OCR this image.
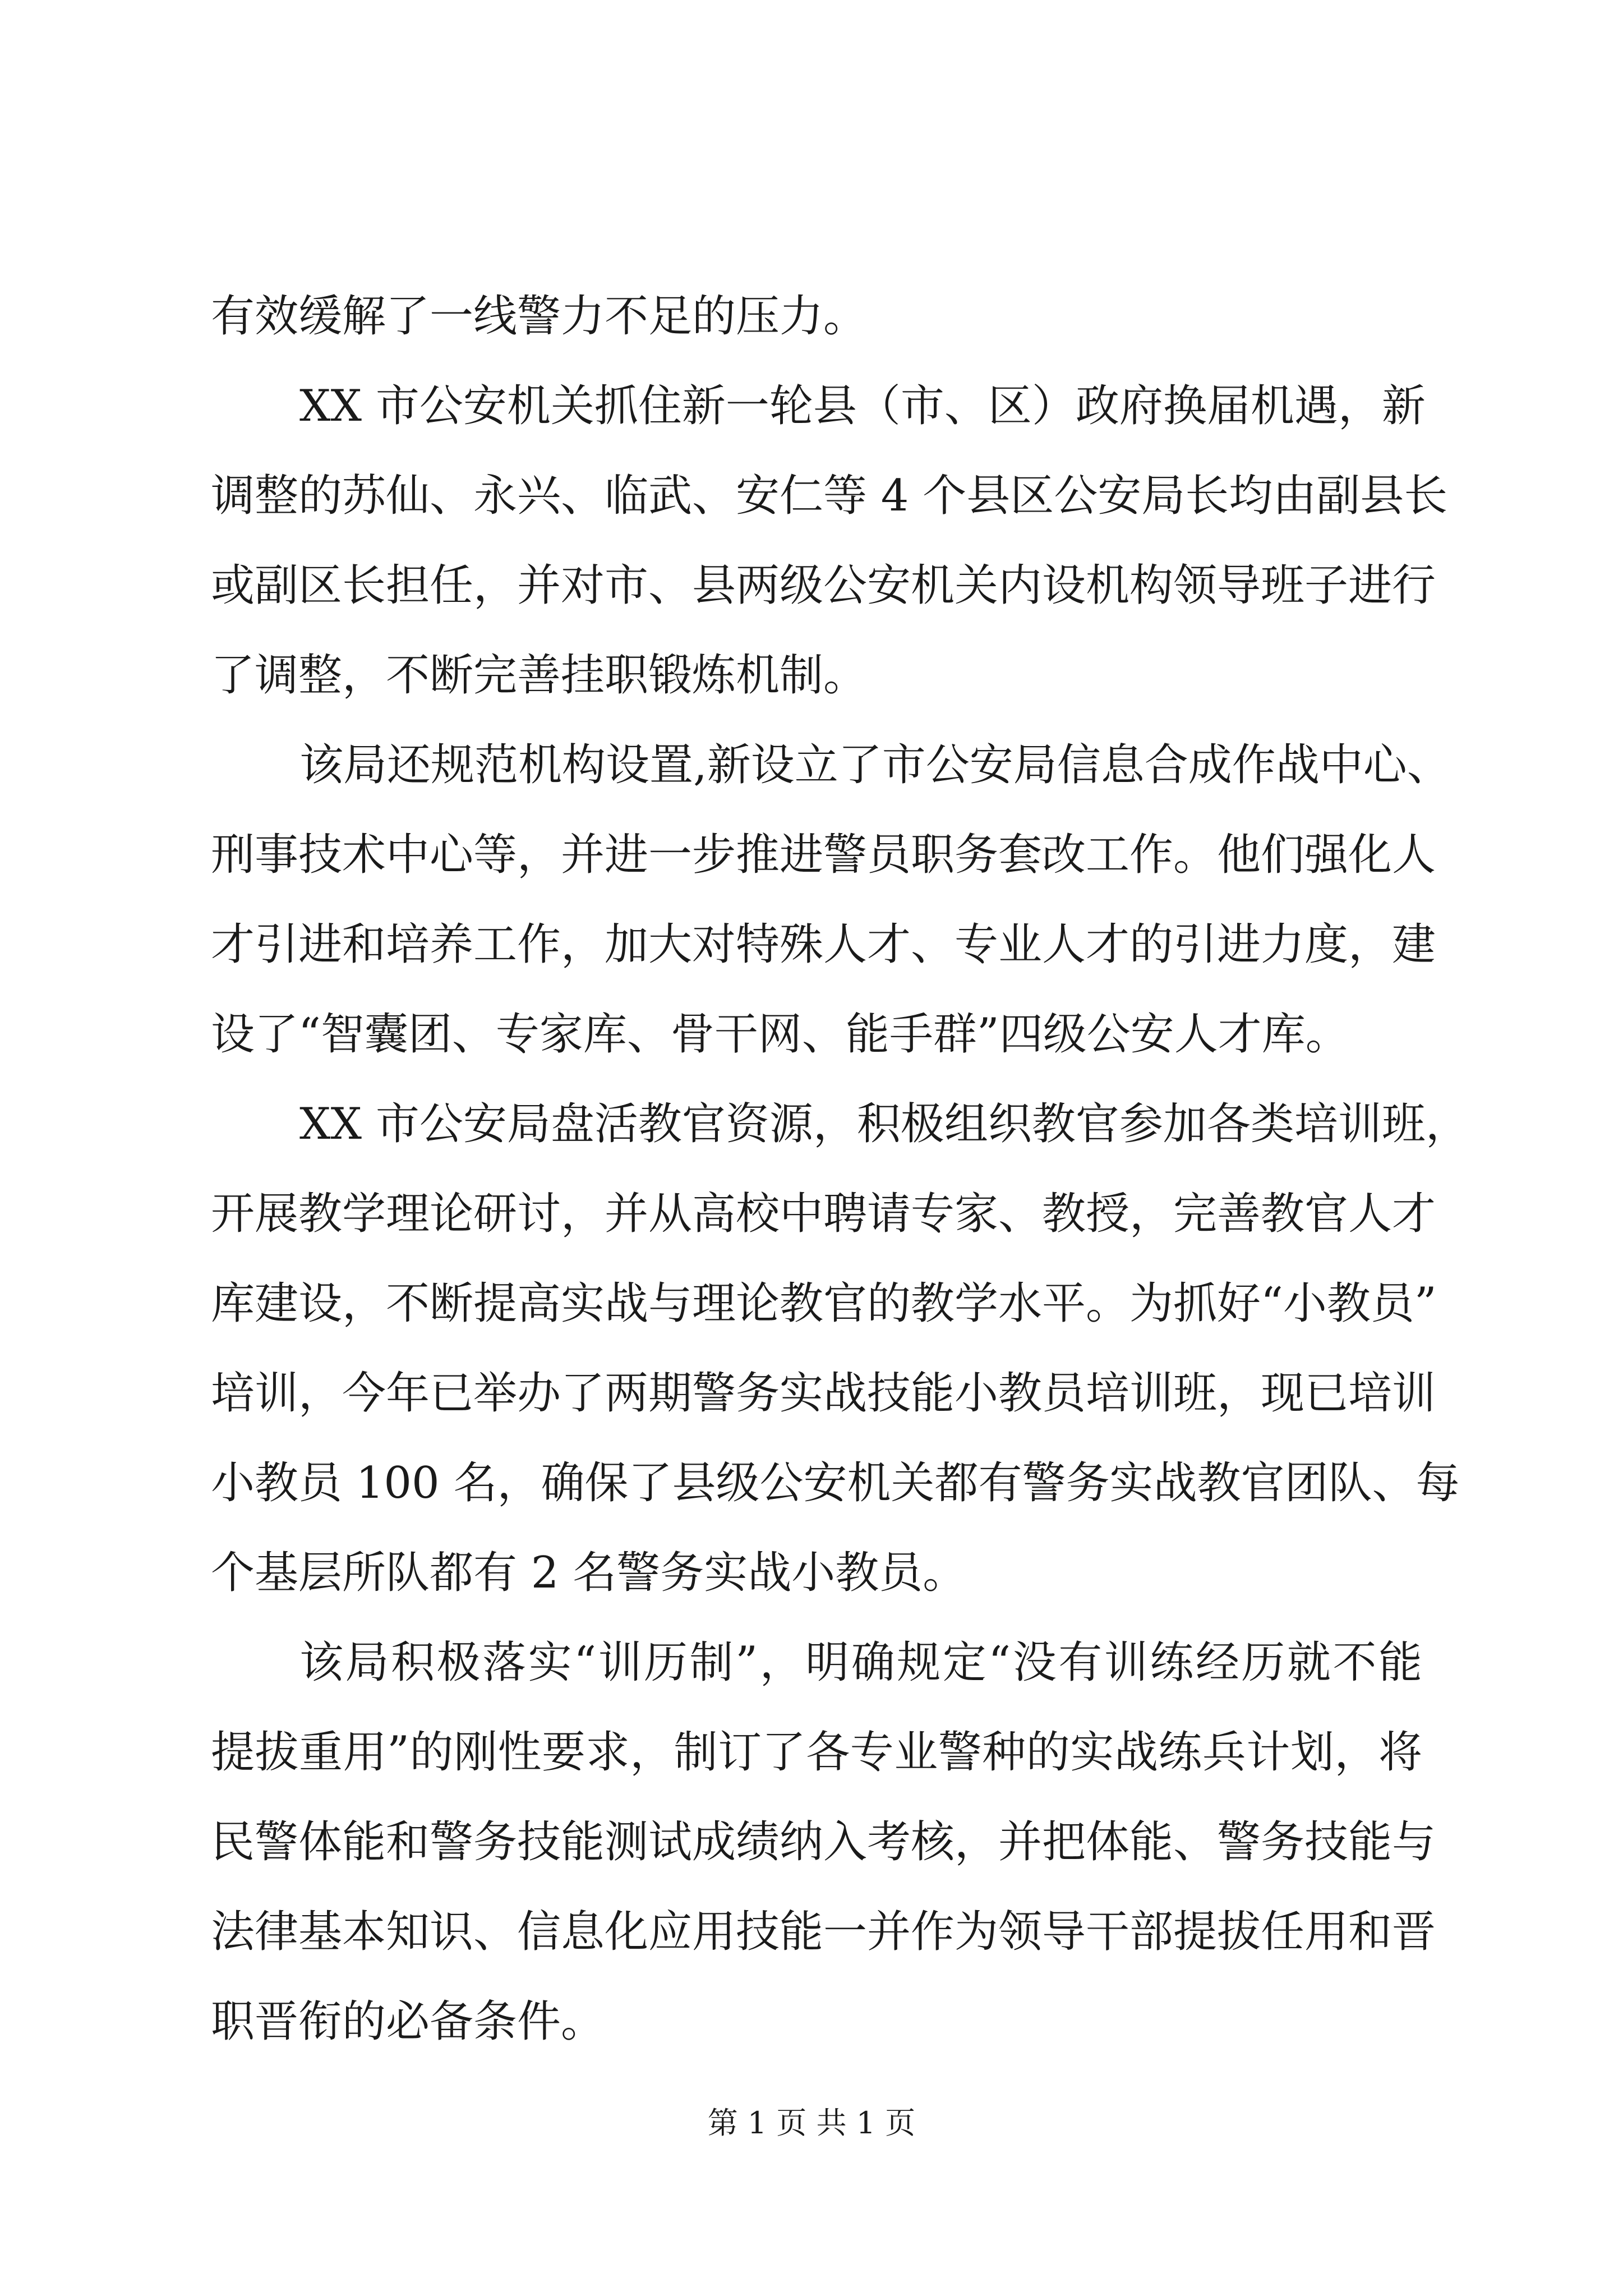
有效缓解了一线警力不足的压力。

XX 市公安机关抓住新一轮县（市、区）政府换届机遇，新
调整的苏仙、永兴、临武、安仁等 4 个县区公安局长均由副县长
或副区长担任，并对市、县两级公安机关内设机构领导班子进行
了调整，不断完善挂职锻炼机制。

该局还规范机构设置,新设立了市公安局信息合成作战中心、
刑事技术中心等，并进一步推进警员职务套改工作。他们强化人
才引进和培养工作，加大对特殊人才、专业人才的引进力度，建
设了“智囊团、专家库、骨干网、能手群”四级公安人才库。

XX 市公安局盘活教官资源，积极组织教官参加各类培训班，
开展教学理论研讨，并从高校中聘请专家、教授，完善教官人才
库建设，不断提高实战与理论教官的教学水平。为抓好“小教员”
培训，今年已举办了两期警务实战技能小教员培训班，现已培训
小教员 100 名，确保了县级公安机关都有警务实战教官团队、每
个基层所队都有 2 名警务实战小教员。

该局积极落实“训历制”，明确规定“没有训练经历就不能
提拔重用”的刚性要求，制订了各专业警种的实战练兵计划，将
民警体能和警务技能测试成绩纳入考核，并把体能、警务技能与
法律基本知识、信息化应用技能一并作为领导干部提拔任用和晋
职晋衔的必备条件。

第 1 页 共 1 页
